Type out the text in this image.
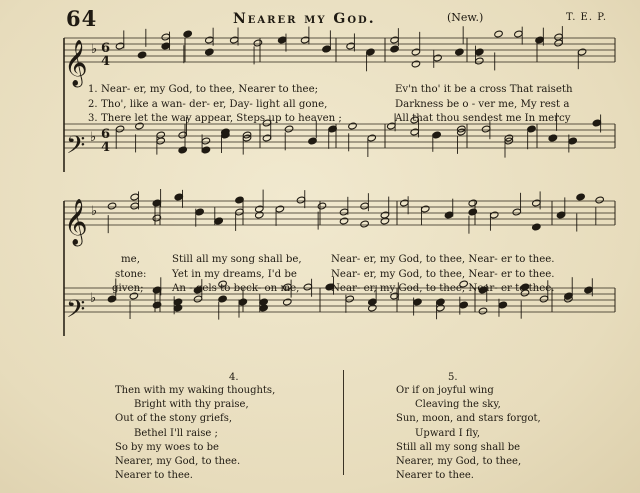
64	Nearer my God.	(New.)	T. E. P.
𝄞
𝄞
𝄢
𝄢
♭
♭
♭
♭
6
4
6
4
1. Near- er, my God, to thee, Nearer to thee;	Ev'n tho' it be a cross That raiseth
2. Tho', like a wan- der- er, Day- light all gone,	Darkness be o - ver me, My rest a
3. There let the way appear, Steps up to heaven ;	All that thou sendest me In mercy
me,	Still all my song shall be,	Near- er, my God, to thee, Near- er to thee.
stone:	Yet in my dreams, I'd be	Near- er, my God, to thee, Near- er to thee.
given;	An - gels to beck- on me,	Near- er, my God, to thee, Near- er to thee.
4.
Then with my waking thoughts,
Bright with thy praise,
Out of the stony griefs,
Bethel I'll raise ;
So by my woes to be
Nearer, my God, to thee.
Nearer to thee.
5.
Or if on joyful wing
Cleaving the sky,
Sun, moon, and stars forgot,
Upward I fly,
Still all my song shall be
Nearer, my God, to thee,
Nearer to thee.
